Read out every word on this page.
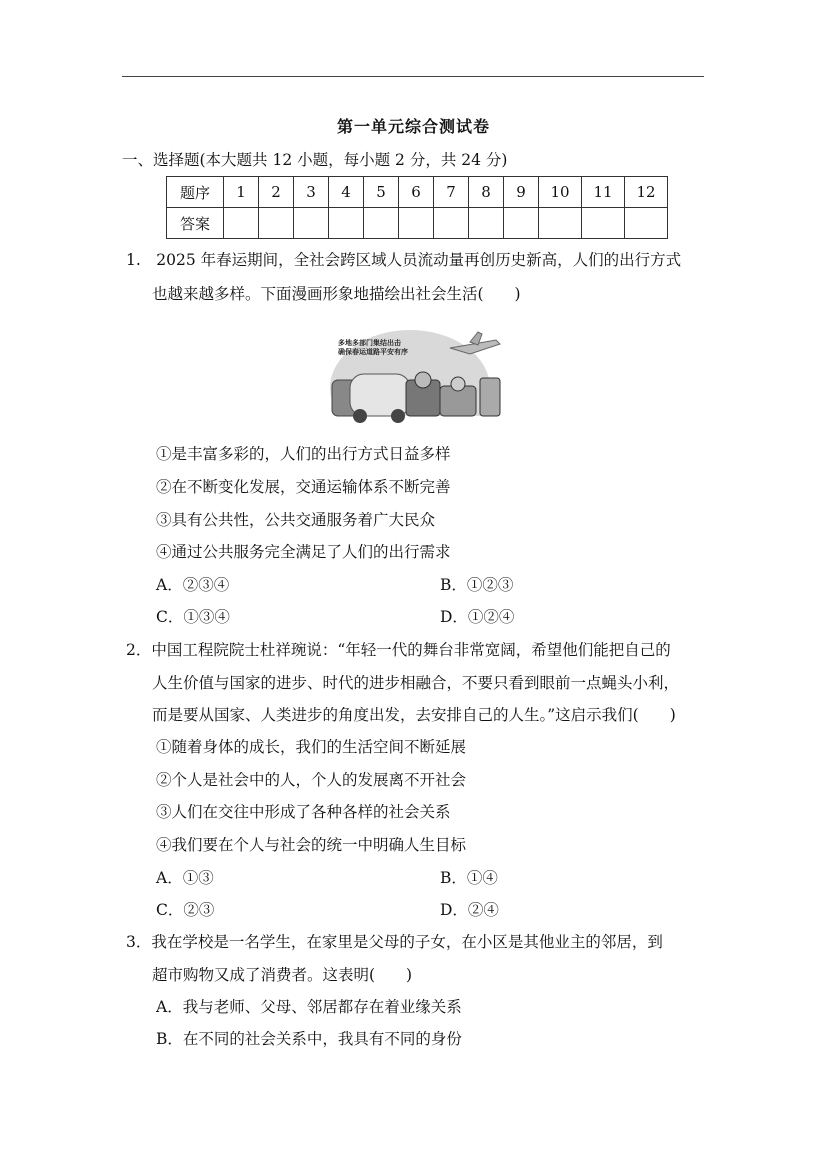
第一单元综合测试卷
一、选择题(本大题共 12 小题，每小题 2 分，共 24 分)
题序	1	2	3	4	5	6	7	8	9	10	11	12
答案												
1.　2025 年春运期间，全社会跨区域人员流动量再创历史新高，人们的出行方式
也越来越多样。下面漫画形象地描绘出社会生活(　　)
多地多部门集结出击
确保春运道路平安有序
①是丰富多彩的，人们的出行方式日益多样
②在不断变化发展，交通运输体系不断完善
③具有公共性，公共交通服务着广大民众
④通过公共服务完全满足了人们的出行需求
A．②③④	B．①②③
C．①③④	D．①②④
2．中国工程院院士杜祥琬说：“年轻一代的舞台非常宽阔，希望他们能把自己的
人生价值与国家的进步、时代的进步相融合，不要只看到眼前一点蝇头小利，
而是要从国家、人类进步的角度出发，去安排自己的人生。”这启示我们(　　)
①随着身体的成长，我们的生活空间不断延展
②个人是社会中的人，个人的发展离不开社会
③人们在交往中形成了各种各样的社会关系
④我们要在个人与社会的统一中明确人生目标
A．①③	B．①④
C．②③	D．②④
3．我在学校是一名学生，在家里是父母的子女，在小区是其他业主的邻居，到
超市购物又成了消费者。这表明(　　)
A．我与老师、父母、邻居都存在着业缘关系
B．在不同的社会关系中，我具有不同的身份
